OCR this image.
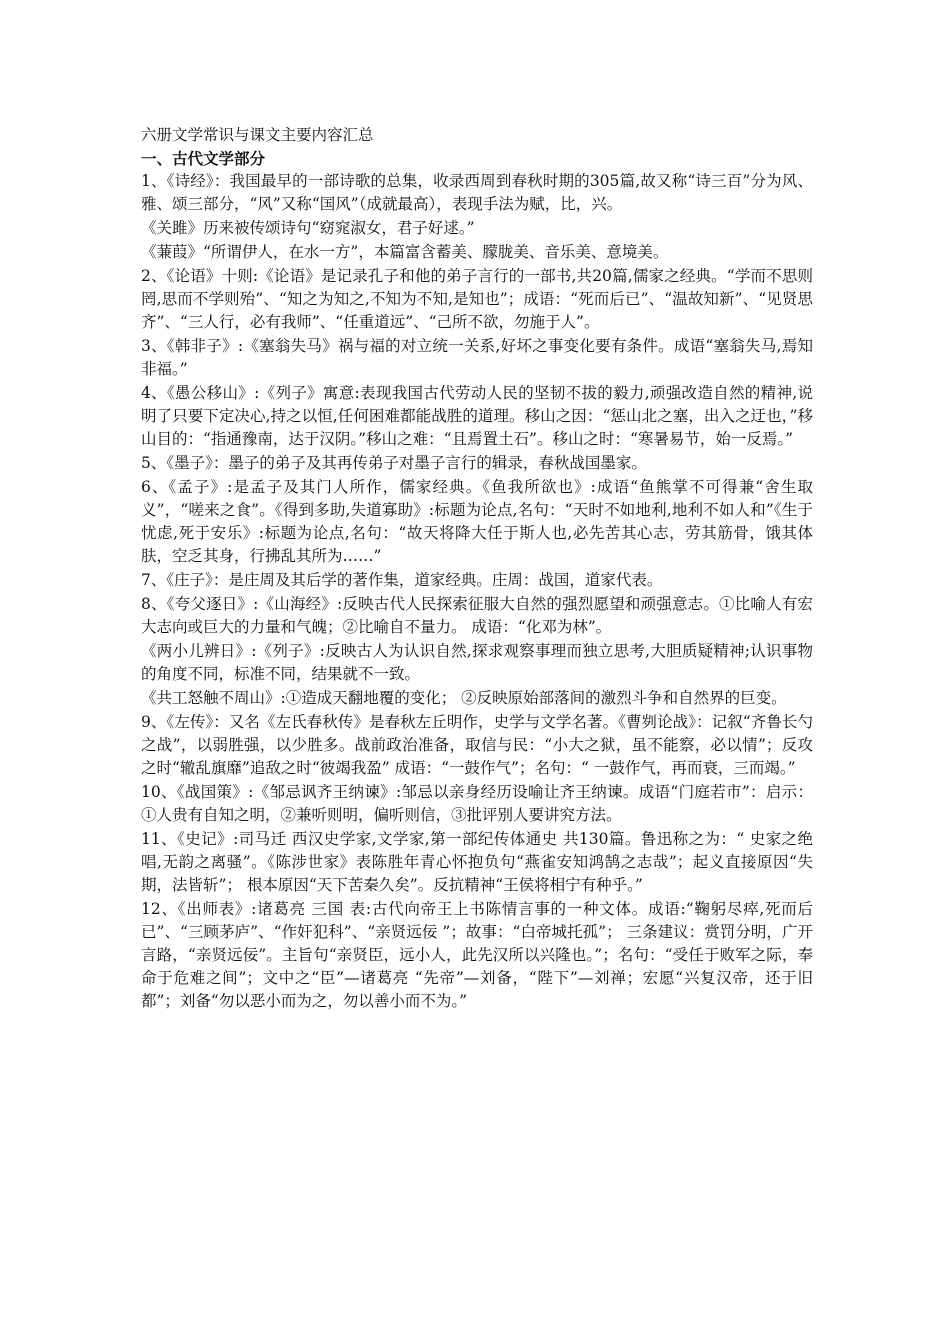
六册文学常识与课文主要内容汇总

一、古代文学部分

1、《诗经》：我国最早的一部诗歌的总集，收录西周到春秋时期的305篇,故又称“诗三百”分为风、雅、颂三部分，“风”又称“国风”（成就最高），表现手法为赋，比，兴。

《关雎》历来被传颂诗句“窈窕淑女，君子好逑。”

《蒹葭》“所谓伊人，在水一方”，本篇富含蓄美、朦胧美、音乐美、意境美。

2、《论语》十则:《论语》是记录孔子和他的弟子言行的一部书,共20篇,儒家之经典。“学而不思则罔,思而不学则殆”、“知之为知之,不知为不知,是知也”；成语：“死而后已”、“温故知新”、“见贤思齐”、“三人行，必有我师”、“任重道远”、“己所不欲，勿施于人”。

3、《韩非子》:《塞翁失马》祸与福的对立统一关系,好坏之事变化要有条件。成语“塞翁失马,焉知非福。”

4、《愚公移山》:《列子》寓意:表现我国古代劳动人民的坚韧不拔的毅力,顽强改造自然的精神,说明了只要下定决心,持之以恒,任何困难都能战胜的道理。移山之因：“惩山北之塞，出入之迂也，”移山目的：“指通豫南，达于汉阴。”移山之难：“且焉置土石”。移山之时：“寒暑易节，始一反焉。”

5、《墨子》：墨子的弟子及其再传弟子对墨子言行的辑录，春秋战国墨家。

6、《孟子》:是孟子及其门人所作，儒家经典。《鱼我所欲也》:成语“鱼熊掌不可得兼“舍生取义”，“嗟来之食”。《得到多助,失道寡助》:标题为论点,名句：“天时不如地利,地利不如人和”《生于忧虑,死于安乐》:标题为论点,名句：“故天将降大任于斯人也,必先苦其心志，劳其筋骨，饿其体肤，空乏其身，行拂乱其所为……”

7、《庄子》：是庄周及其后学的著作集，道家经典。庄周：战国，道家代表。

8、《夸父逐日》:《山海经》:反映古代人民探索征服大自然的强烈愿望和顽强意志。①比喻人有宏大志向或巨大的力量和气魄；②比喻自不量力。 成语：“化邓为林”。

《两小儿辨日》:《列子》:反映古人为认识自然,探求观察事理而独立思考,大胆质疑精神;认识事物的角度不同，标准不同，结果就不一致。

《共工怒触不周山》:①造成天翻地覆的变化； ②反映原始部落间的激烈斗争和自然界的巨变。

9、《左传》：又名《左氏春秋传》是春秋左丘明作，史学与文学名著。《曹刿论战》：记叙“齐鲁长勺之战”，以弱胜强，以少胜多。战前政治准备，取信与民：“小大之狱，虽不能察，必以情”；反攻之时“辙乱旗靡”追敌之时“彼竭我盈” 成语：“一鼓作气”；名句：“ 一鼓作气，再而衰，三而竭。”

10、《战国策》:《邹忌讽齐王纳谏》:邹忌以亲身经历设喻让齐王纳谏。成语“门庭若市”：启示：①人贵有自知之明，②兼听则明，偏听则信，③批评别人要讲究方法。

11、《史记》:司马迁 西汉史学家,文学家,第一部纪传体通史 共130篇。鲁迅称之为：“ 史家之绝唱,无韵之离骚”。《陈涉世家》表陈胜年青心怀抱负句“燕雀安知鸿鹄之志哉”；起义直接原因“失期，法皆斩”； 根本原因“天下苦秦久矣”。反抗精神“王侯将相宁有种乎。”

12、《出师表》:诸葛亮 三国 表:古代向帝王上书陈情言事的一种文体。成语:“鞠躬尽瘁,死而后已”、“三顾茅庐”、“作奸犯科”、“亲贤远佞 ”；故事：“白帝城托孤”； 三条建议：赏罚分明，广开言路，“亲贤远佞”。主旨句“亲贤臣，远小人，此先汉所以兴隆也。”；名句：“受任于败军之际，奉命于危难之间”；文中之“臣”—诸葛亮 “先帝”—刘备，“陛下”—刘禅；宏愿“兴复汉帝，还于旧都”；刘备“勿以恶小而为之，勿以善小而不为。”
